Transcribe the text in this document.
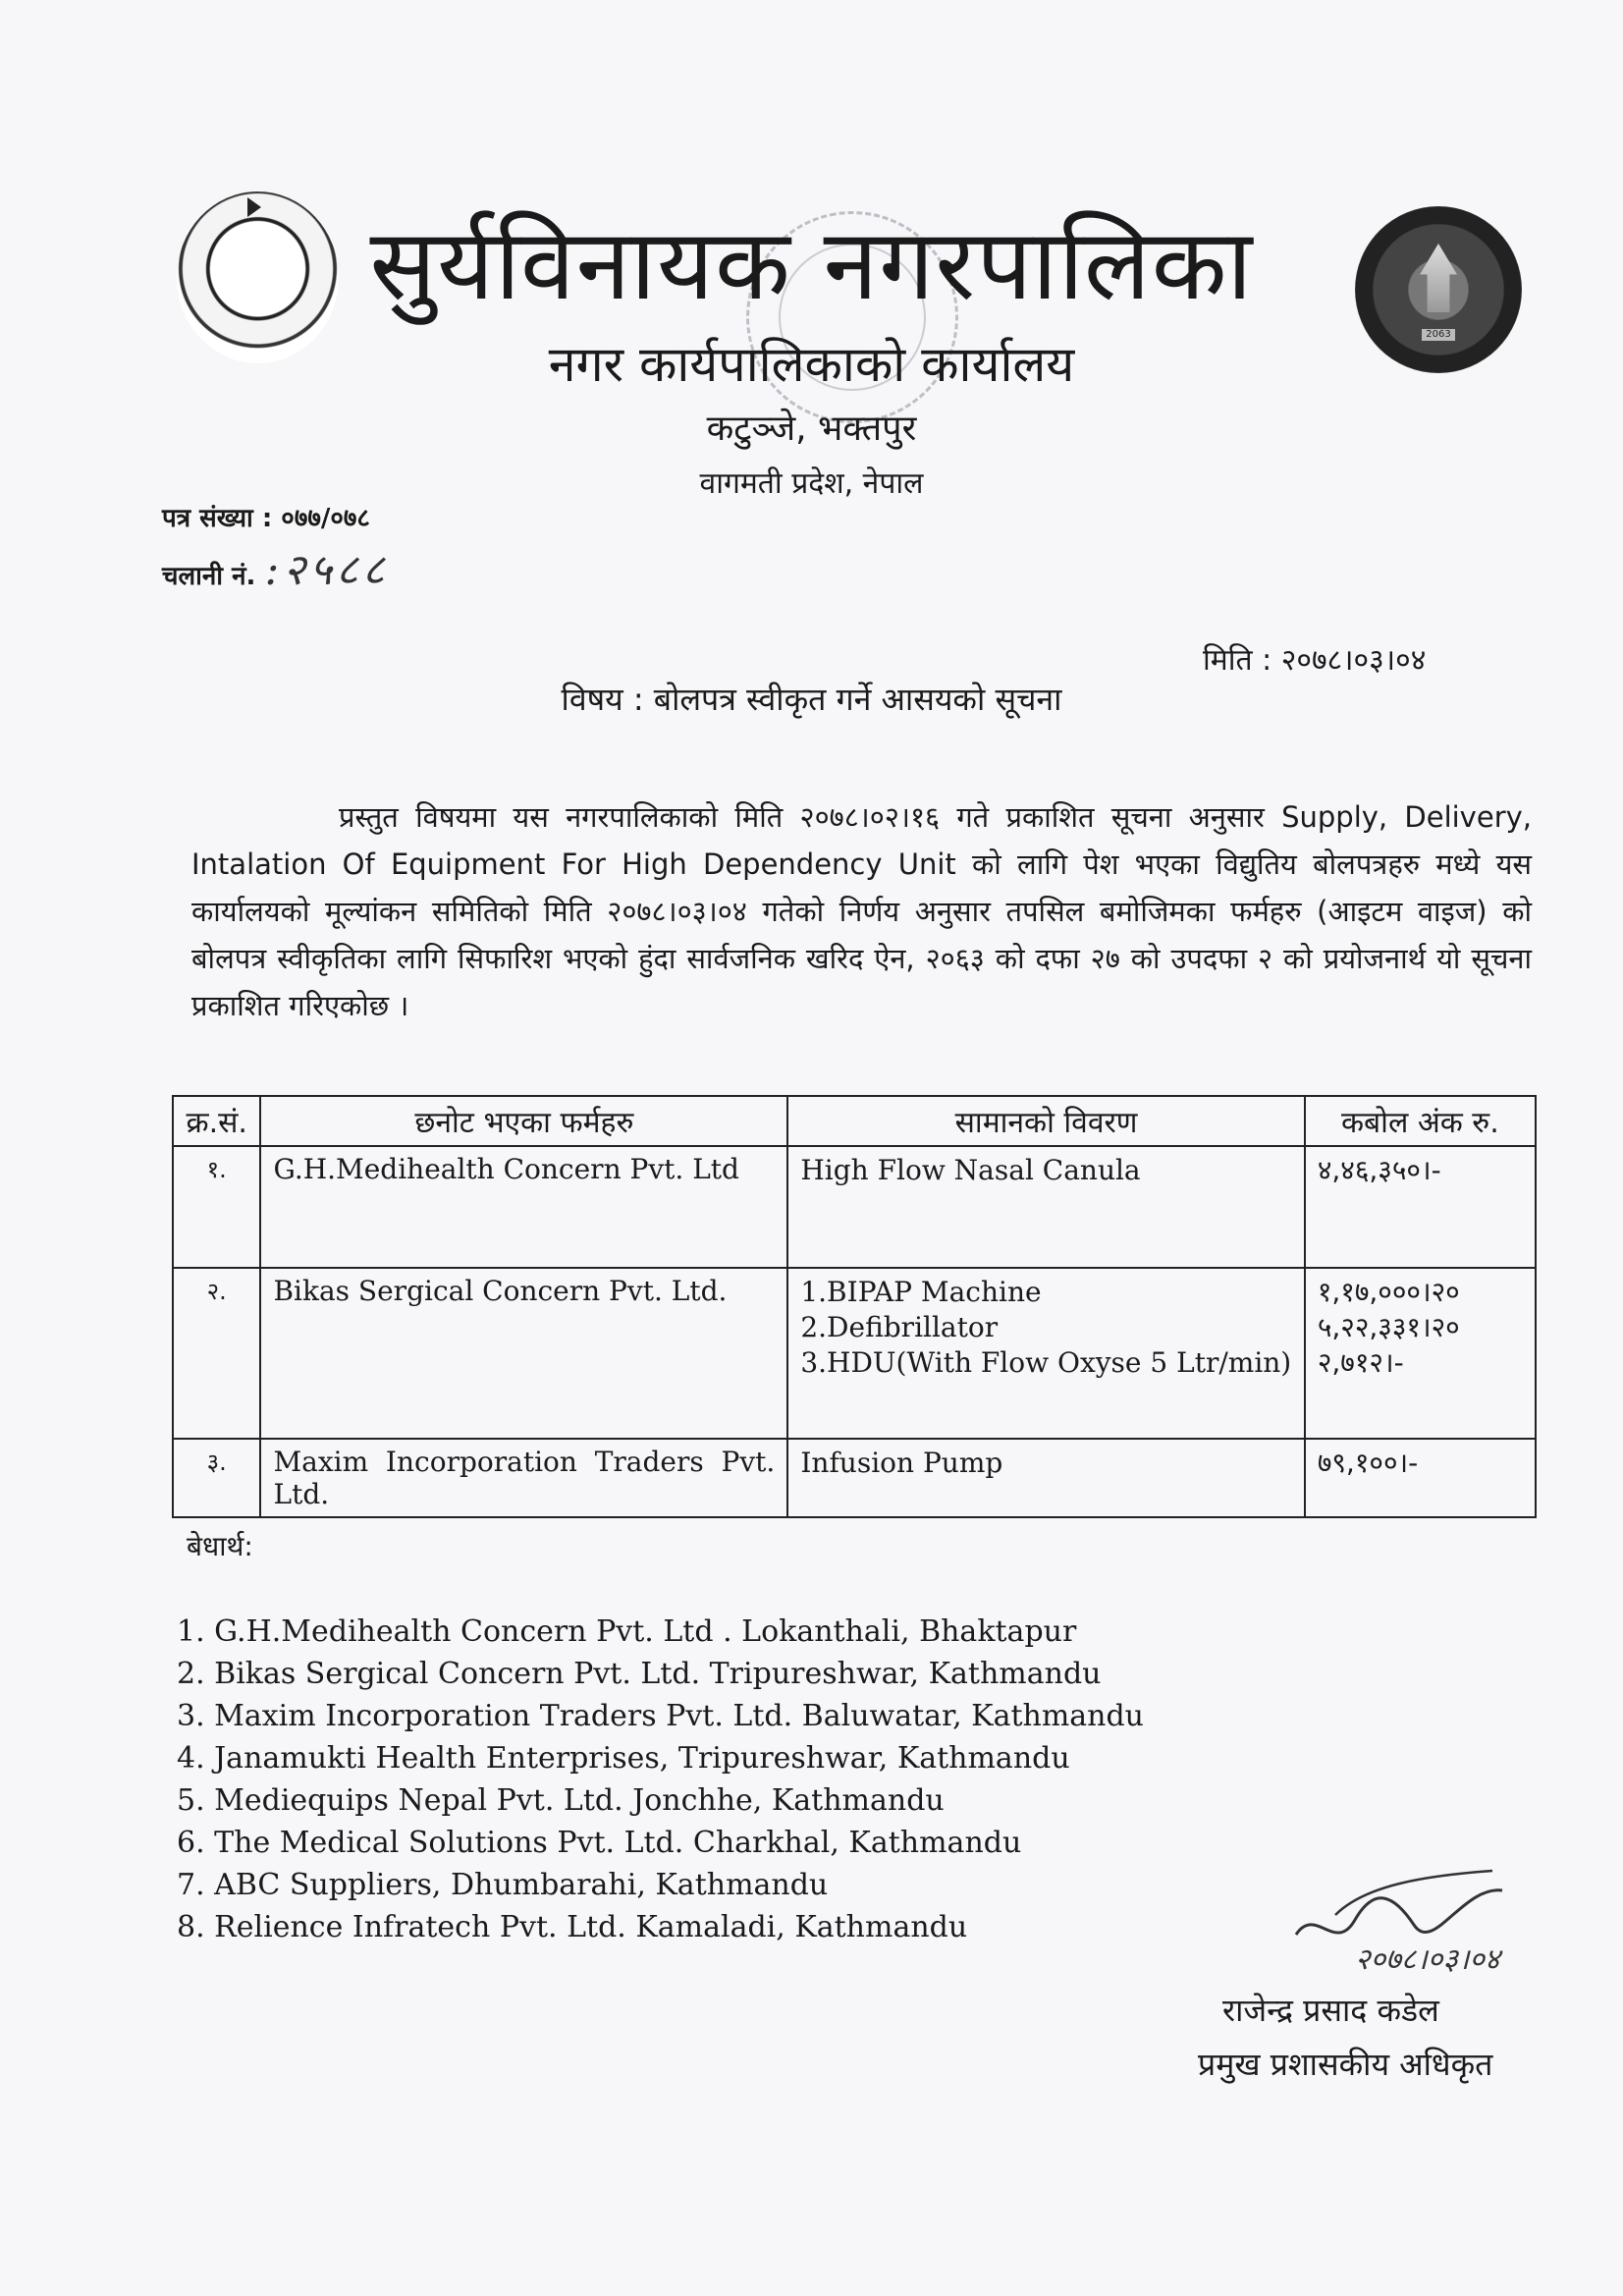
2063
सुर्यविनायक नगरपालिका
नगर कार्यपालिकाको कार्यालय
कटुञ्जे, भक्तपुर
वागमती प्रदेश, नेपाल
पत्र संख्या : ०७७/०७८
चलानी नं. :२५८८
मिति : २०७८।०३।०४
विषय : बोलपत्र स्वीकृत गर्ने आसयको सूचना
प्रस्तुत विषयमा यस नगरपालिकाको मिति २०७८।०२।१६ गते प्रकाशित सूचना अनुसार Supply, Delivery, Intalation Of Equipment For High Dependency Unit को लागि पेश भएका विद्युतिय बोलपत्रहरु मध्ये यस कार्यालयको मूल्यांकन समितिको मिति २०७८।०३।०४ गतेको निर्णय अनुसार तपसिल बमोजिमका फर्महरु (आइटम वाइज) को बोलपत्र स्वीकृतिका लागि सिफारिश भएको हुंदा सार्वजनिक खरिद ऐन, २०६३ को दफा २७ को उपदफा २ को प्रयोजनार्थ यो सूचना प्रकाशित गरिएकोछ ।
क्र.सं.	छनोट भएका फर्महरु	सामानको विवरण	कबोल अंक रु.
१.	G.H.Medihealth Concern Pvt. Ltd	High Flow Nasal Canula	४,४६,३५०।-

२.	Bikas Sergical Concern Pvt. Ltd.	1.BIPAP Machine
2.Defibrillator
3.HDU(With Flow Oxyse 5 Ltr/min)	१,१७,०००।२०
५,२२,३३१।२०
२,७१२।-

३.	Maxim Incorporation Traders Pvt. Ltd.	Infusion Pump	७९,१००।-
बेधार्थ:
1. G.H.Medihealth Concern Pvt. Ltd . Lokanthali, Bhaktapur
2. Bikas Sergical Concern Pvt. Ltd. Tripureshwar, Kathmandu
3. Maxim Incorporation Traders Pvt. Ltd. Baluwatar, Kathmandu
4. Janamukti Health Enterprises, Tripureshwar, Kathmandu
5. Mediequips Nepal Pvt. Ltd. Jonchhe, Kathmandu
6. The Medical Solutions Pvt. Ltd. Charkhal, Kathmandu
7. ABC Suppliers, Dhumbarahi, Kathmandu
8. Relience Infratech Pvt. Ltd. Kamaladi, Kathmandu
२०७८।०३।०४
राजेन्द्र प्रसाद कडेल
प्रमुख प्रशासकीय अधिकृत
